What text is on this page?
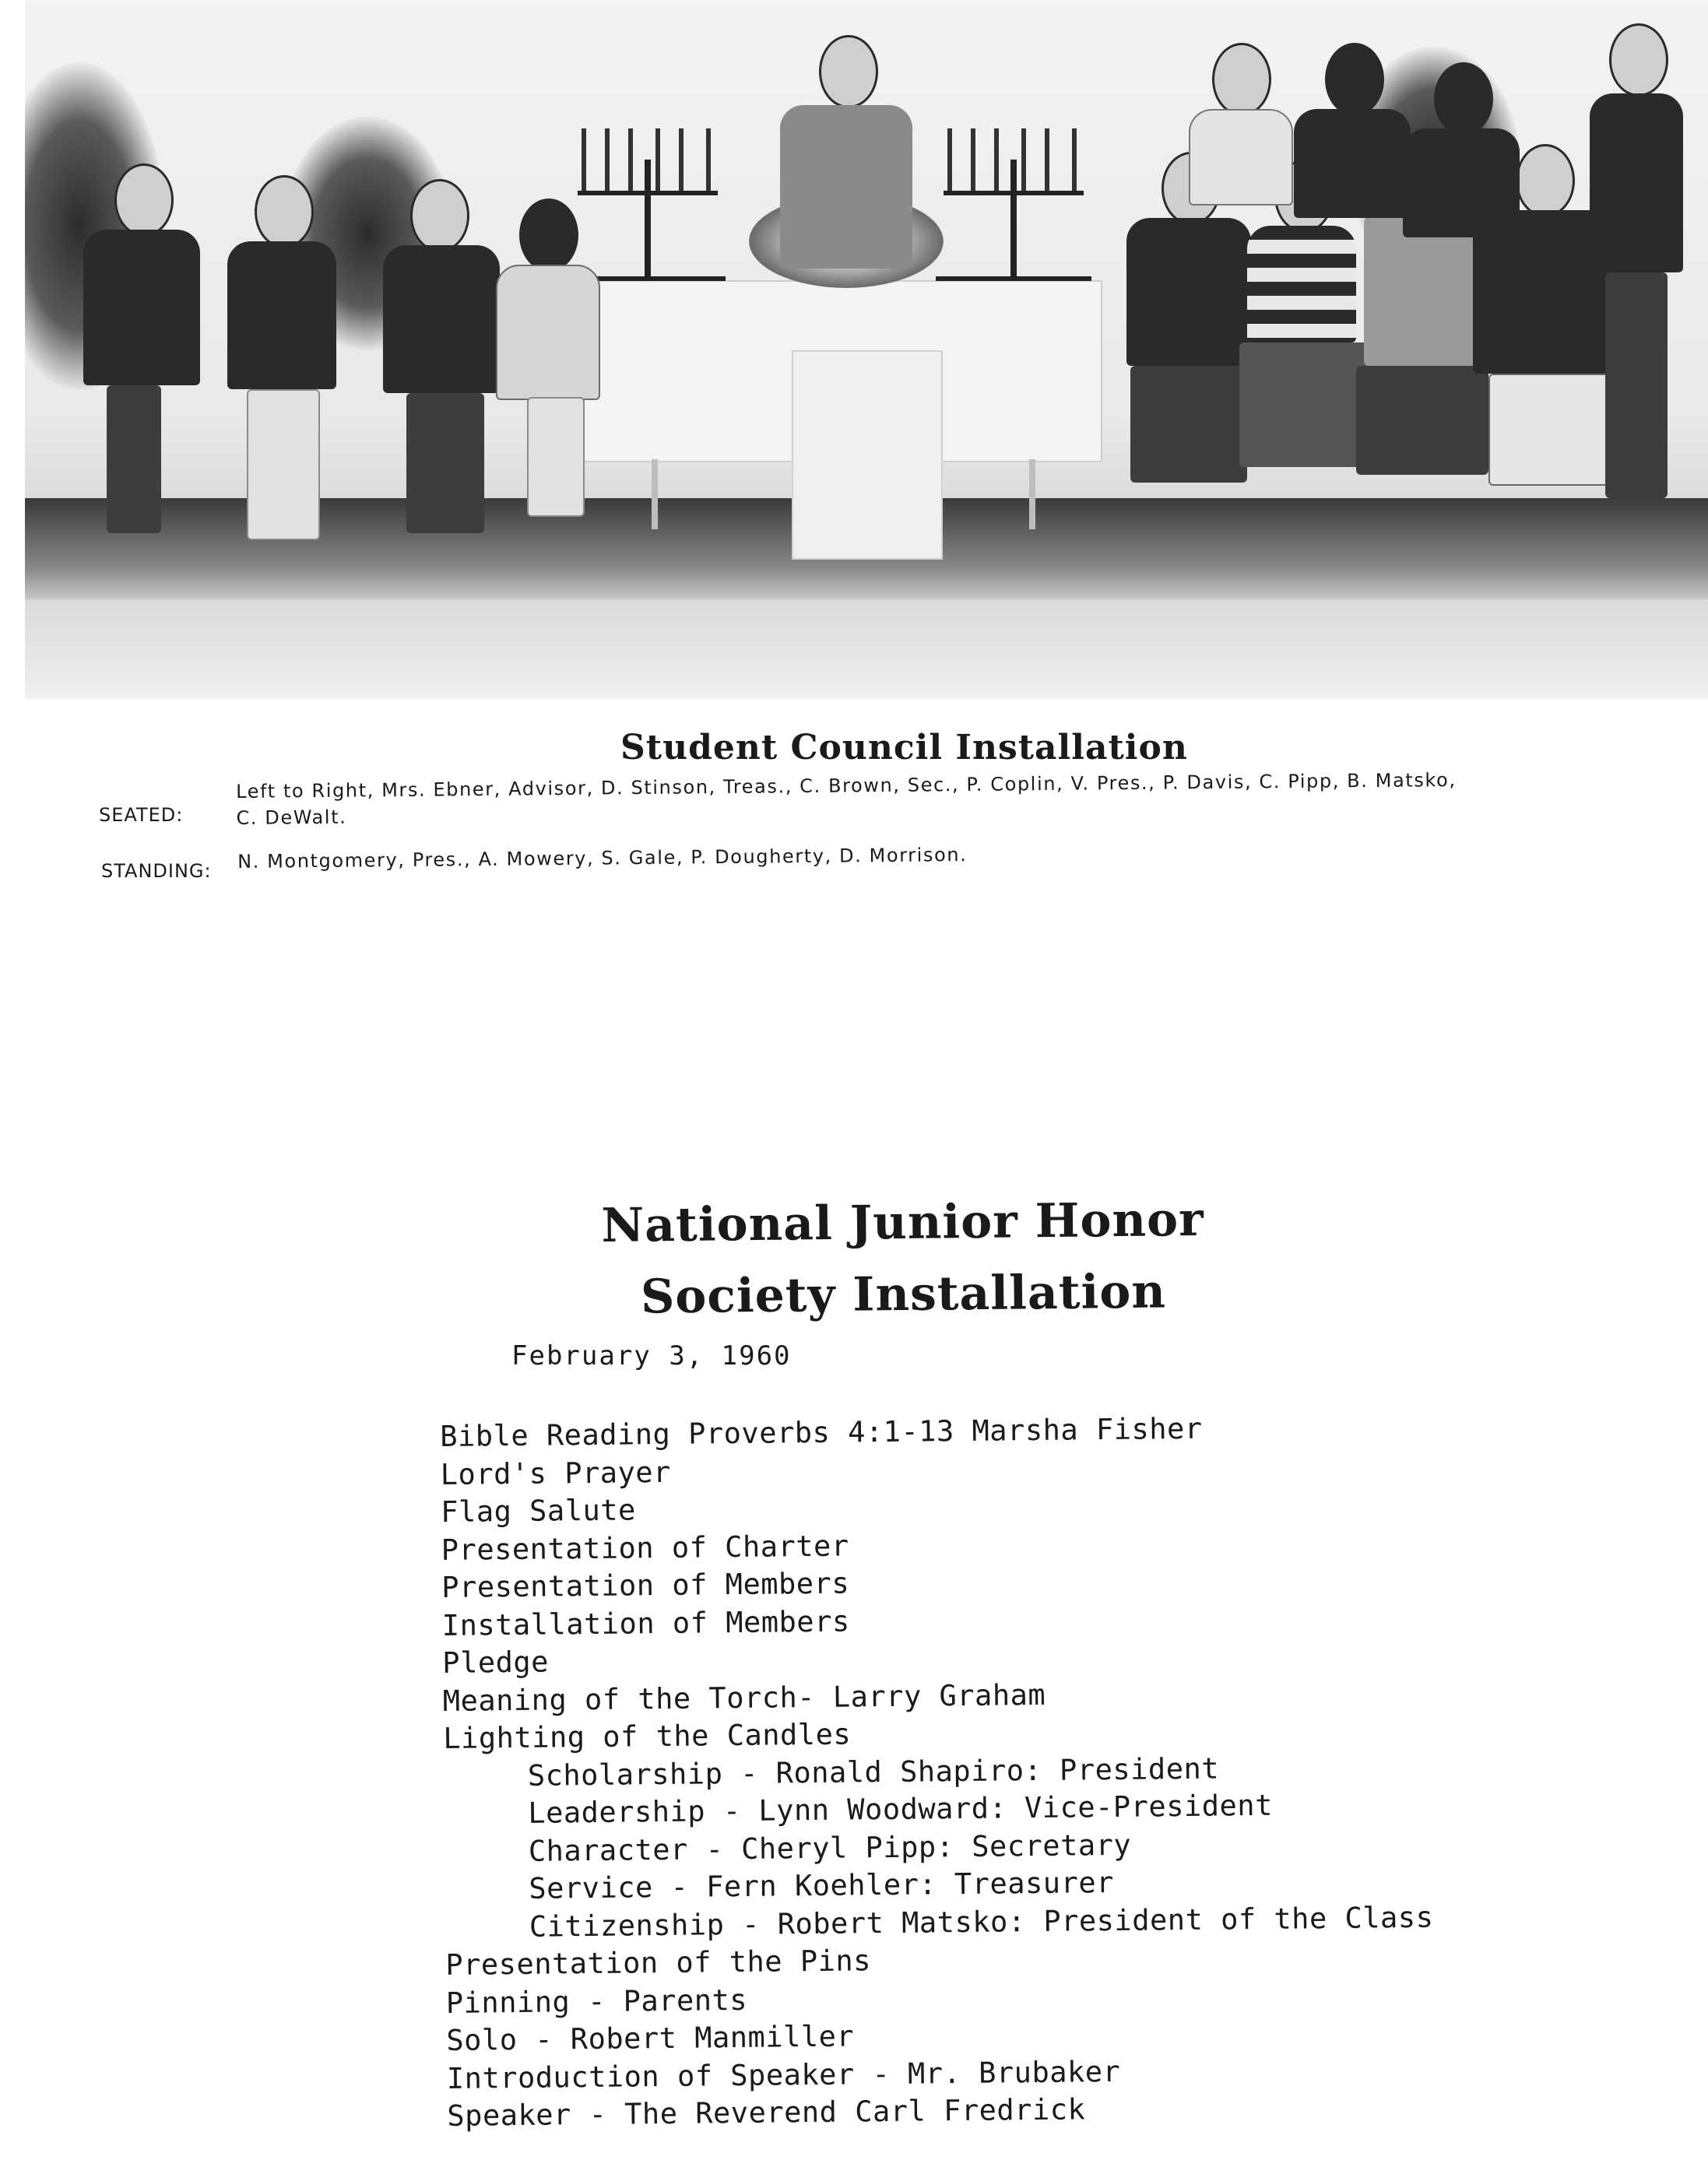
Student Council Installation
SEATED:
Left to Right, Mrs. Ebner, Advisor, D. Stinson, Treas., C. Brown, Sec., P. Coplin, V. Pres., P. Davis, C. Pipp, B. Matsko,
C. DeWalt.
STANDING: N. Montgomery, Pres., A. Mowery, S. Gale, P. Dougherty, D. Morrison.
National Junior Honor
Society Installation
February 3, 1960
Bible Reading Proverbs 4:1-13 Marsha Fisher
Lord's Prayer
Flag Salute
Presentation of Charter
Presentation of Members
Installation of Members
Pledge
Meaning of the Torch- Larry Graham
Lighting of the Candles
Scholarship - Ronald Shapiro: President
Leadership - Lynn Woodward: Vice-President
Character - Cheryl Pipp: Secretary
Service - Fern Koehler: Treasurer
Citizenship - Robert Matsko: President of the Class
Presentation of the Pins
Pinning - Parents
Solo - Robert Manmiller
Introduction of Speaker - Mr. Brubaker
Speaker - The Reverend Carl Fredrick
